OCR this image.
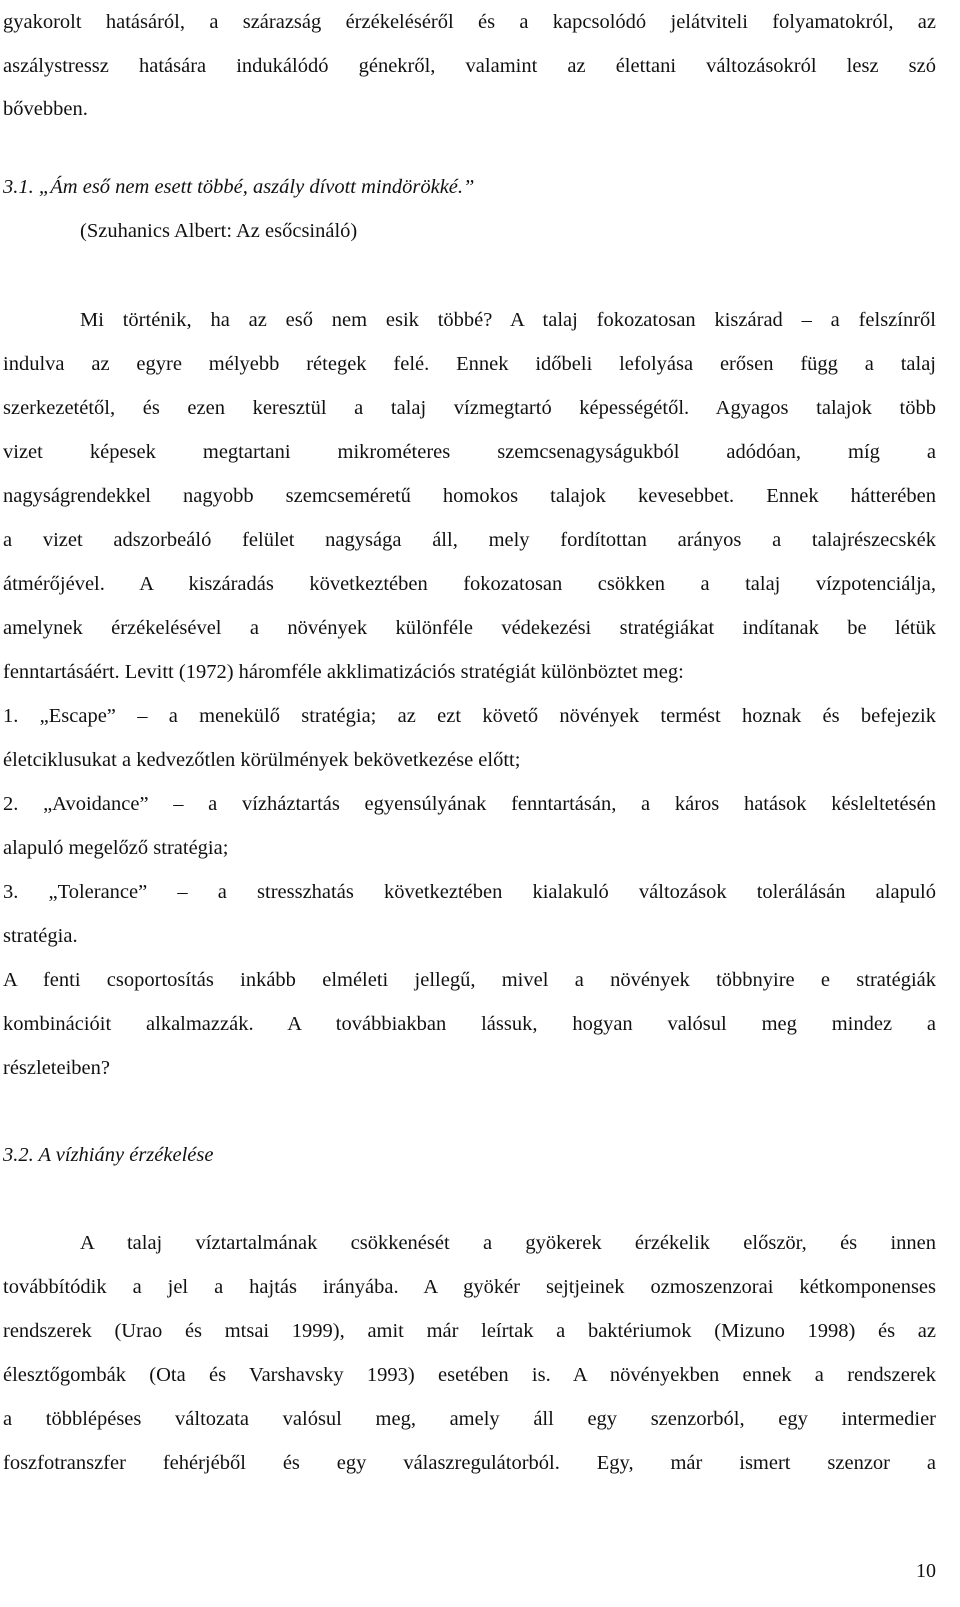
gyakorolt hatásáról, a szárazság érzékeléséről és a kapcsolódó jelátviteli folyamatokról, az
aszálystressz hatására indukálódó génekről, valamint az élettani változásokról lesz szó
bővebben.
3.1. „Ám eső nem esett többé, aszály dívott mindörökké.”
(Szuhanics Albert: Az esőcsináló)
Mi történik, ha az eső nem esik többé? A talaj fokozatosan kiszárad – a felszínről
indulva az egyre mélyebb rétegek felé. Ennek időbeli lefolyása erősen függ a talaj
szerkezetétől, és ezen keresztül a talaj vízmegtartó képességétől. Agyagos talajok több
vizet képesek megtartani mikrométeres szemcsenagyságukból adódóan, míg a
nagyságrendekkel nagyobb szemcseméretű homokos talajok kevesebbet. Ennek hátterében
a vizet adszorbeáló felület nagysága áll, mely fordítottan arányos a talajrészecskék
átmérőjével. A kiszáradás következtében fokozatosan csökken a talaj vízpotenciálja,
amelynek érzékelésével a növények különféle védekezési stratégiákat indítanak be létük
fenntartásáért. Levitt (1972) háromféle akklimatizációs stratégiát különböztet meg:
1. „Escape” – a menekülő stratégia; az ezt követő növények termést hoznak és befejezik
életciklusukat a kedvezőtlen körülmények bekövetkezése előtt;
2. „Avoidance” – a vízháztartás egyensúlyának fenntartásán, a káros hatások késleltetésén
alapuló megelőző stratégia;
3. „Tolerance” – a stresszhatás következtében kialakuló változások tolerálásán alapuló
stratégia.
A fenti csoportosítás inkább elméleti jellegű, mivel a növények többnyire e stratégiák
kombinációit alkalmazzák. A továbbiakban lássuk, hogyan valósul meg mindez a
részleteiben?
3.2. A vízhiány érzékelése
A talaj víztartalmának csökkenését a gyökerek érzékelik először, és innen
továbbítódik a jel a hajtás irányába. A gyökér sejtjeinek ozmoszenzorai kétkomponenses
rendszerek (Urao és mtsai 1999), amit már leírtak a baktériumok (Mizuno 1998) és az
élesztőgombák (Ota és Varshavsky 1993) esetében is. A növényekben ennek a rendszerek
a többlépéses változata valósul meg, amely áll egy szenzorból, egy intermedier
foszfotranszfer fehérjéből és egy válaszregulátorból. Egy, már ismert szenzor a
10
